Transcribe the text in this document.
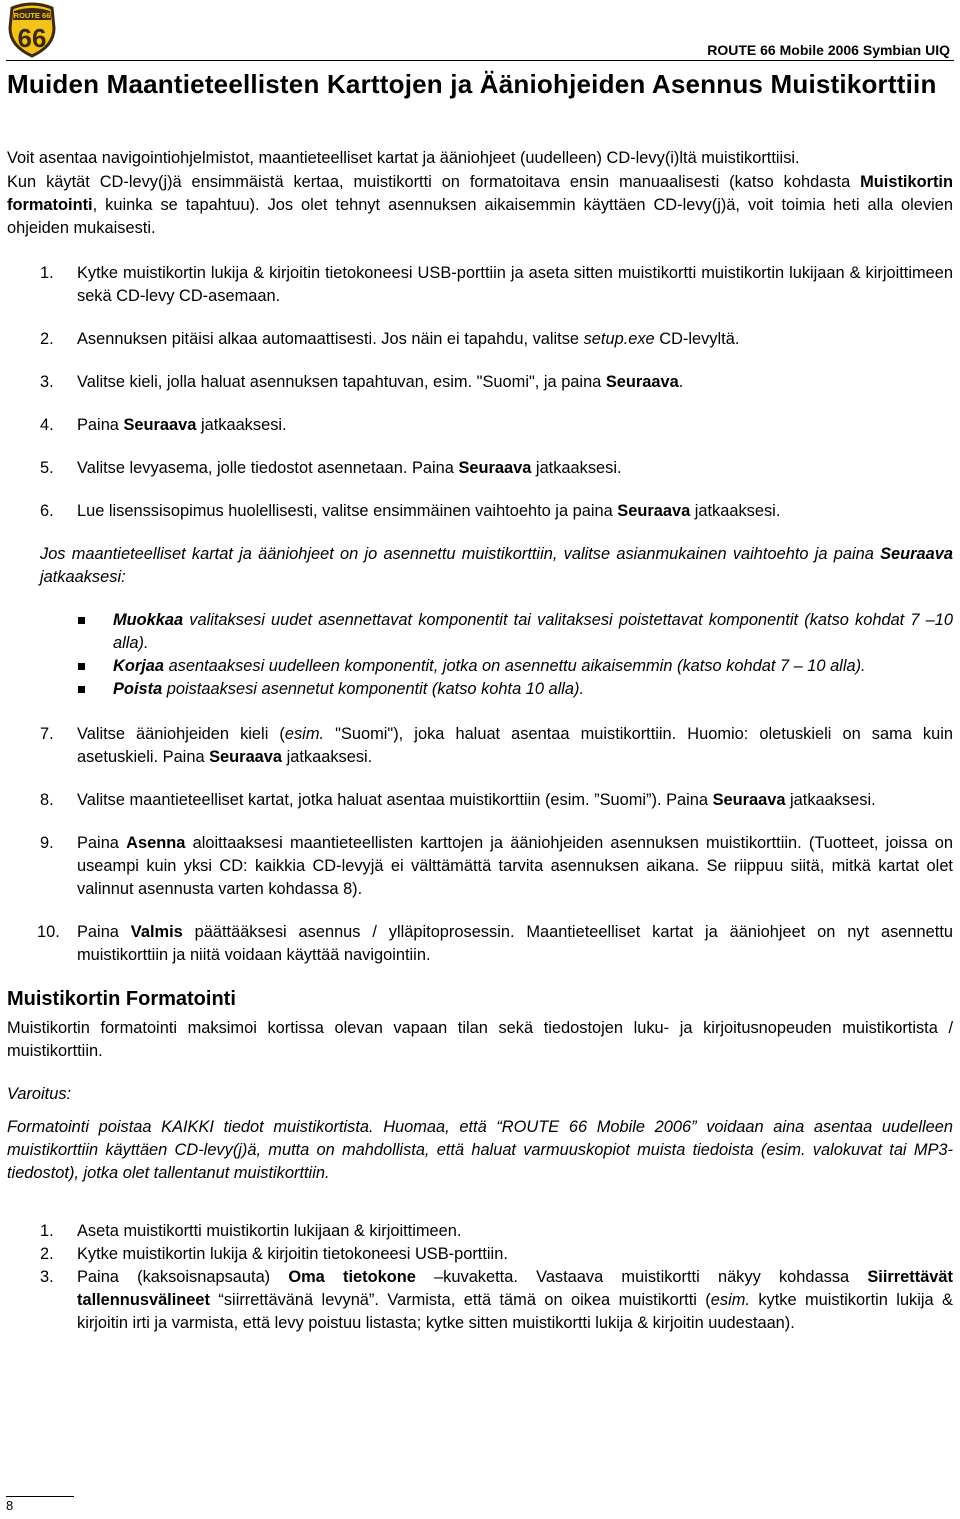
ROUTE 66
66	ROUTE 66 Mobile 2006 Symbian UIQ
Muiden Maantieteellisten Karttojen ja Ääniohjeiden Asennus Muistikorttiin

Voit asentaa navigointiohjelmistot, maantieteelliset kartat ja ääniohjeet (uudelleen) CD-levy(i)ltä muistikorttiisi.

Kun käytät CD-levy(j)ä ensimmäistä kertaa, muistikortti on formatoitava ensin manuaalisesti (katso kohdasta Muistikortin formatointi, kuinka se tapahtuu). Jos olet tehnyt asennuksen aikaisemmin käyttäen CD-levy(j)ä, voit toimia heti alla olevien ohjeiden mukaisesti.

1. Kytke muistikortin lukija & kirjoitin tietokoneesi USB-porttiin ja aseta sitten muistikortti muistikortin lukijaan & kirjoittimeen sekä CD-levy CD-asemaan.
2. Asennuksen pitäisi alkaa automaattisesti. Jos näin ei tapahdu, valitse setup.exe CD-levyltä.
3. Valitse kieli, jolla haluat asennuksen tapahtuvan, esim. "Suomi", ja paina Seuraava.
4. Paina Seuraava jatkaaksesi.
5. Valitse levyasema, jolle tiedostot asennetaan. Paina Seuraava jatkaaksesi.
6. Lue lisenssisopimus huolellisesti, valitse ensimmäinen vaihtoehto ja paina Seuraava jatkaaksesi.

Jos maantieteelliset kartat ja ääniohjeet on jo asennettu muistikorttiin, valitse asianmukainen vaihtoehto ja paina Seuraava jatkaaksesi:

Muokkaa valitaksesi uudet asennettavat komponentit tai valitaksesi poistettavat komponentit (katso kohdat 7 –10 alla).
Korjaa asentaaksesi uudelleen komponentit, jotka on asennettu aikaisemmin (katso kohdat 7 – 10 alla).
Poista poistaaksesi asennetut komponentit (katso kohta 10 alla).
7. Valitse ääniohjeiden kieli (esim. "Suomi"), joka haluat asentaa muistikorttiin. Huomio: oletuskieli on sama kuin asetuskieli. Paina Seuraava jatkaaksesi.
8. Valitse maantieteelliset kartat, jotka haluat asentaa muistikorttiin (esim. ”Suomi”). Paina Seuraava jatkaaksesi.
9. Paina Asenna aloittaaksesi maantieteellisten karttojen ja ääniohjeiden asennuksen muistikorttiin. (Tuotteet, joissa on useampi kuin yksi CD: kaikkia CD-levyjä ei välttämättä tarvita asennuksen aikana. Se riippuu siitä, mitkä kartat olet valinnut asennusta varten kohdassa 8).
10. Paina Valmis päättääksesi asennus / ylläpitoprosessin. Maantieteelliset kartat ja ääniohjeet on nyt asennettu muistikorttiin ja niitä voidaan käyttää navigointiin.
Muistikortin Formatointi

Muistikortin formatointi maksimoi kortissa olevan vapaan tilan sekä tiedostojen luku- ja kirjoitusnopeuden muistikortista / muistikorttiin.

Varoitus:

Formatointi poistaa KAIKKI tiedot muistikortista. Huomaa, että “ROUTE 66 Mobile 2006” voidaan aina asentaa uudelleen muistikorttiin käyttäen CD-levy(j)ä, mutta on mahdollista, että haluat varmuuskopiot muista tiedoista (esim. valokuvat tai MP3-tiedostot), jotka olet tallentanut muistikorttiin.

1. Aseta muistikortti muistikortin lukijaan & kirjoittimeen.
2. Kytke muistikortin lukija & kirjoitin tietokoneesi USB-porttiin.
3. Paina (kaksoisnapsauta) Oma tietokone –kuvaketta. Vastaava muistikortti näkyy kohdassa Siirrettävät tallennusvälineet “siirrettävänä levynä”. Varmista, että tämä on oikea muistikortti (esim. kytke muistikortin lukija & kirjoitin irti ja varmista, että levy poistuu listasta; kytke sitten muistikortti lukija & kirjoitin uudestaan).
8
